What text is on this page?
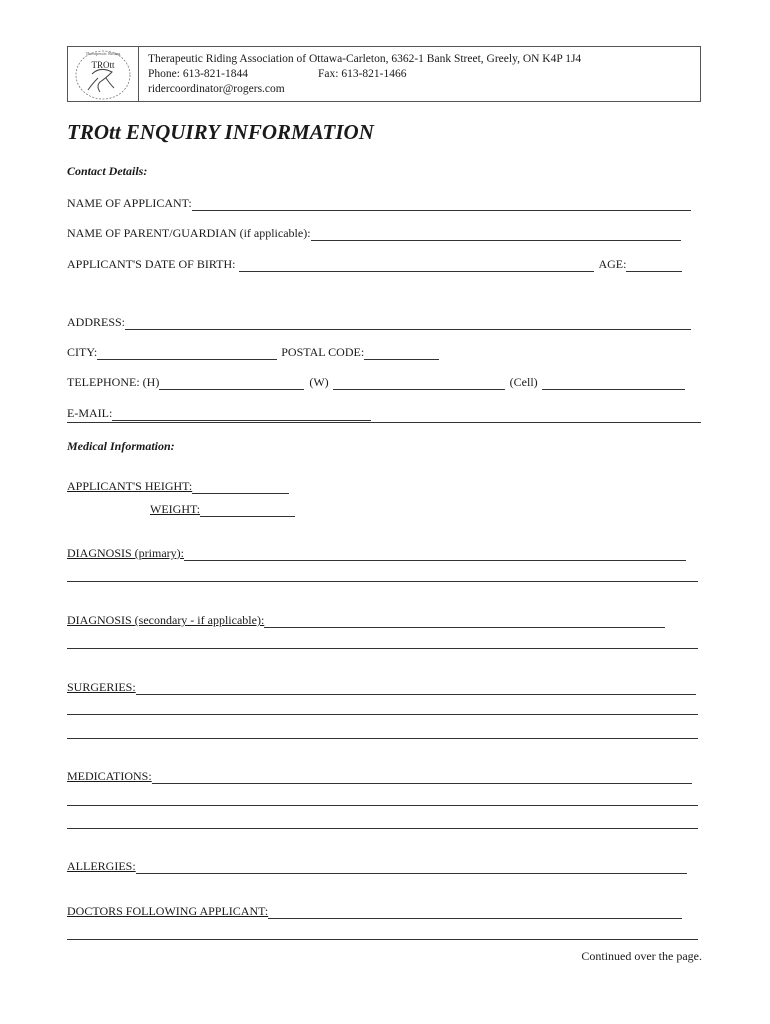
TROtt
Therapeutic Riding Therapeutic Riding Association of Ottawa-Carleton, 6362-1 Bank Street, Greely, ON K4P 1J4
Phone: 613-821-1844	Fax: 613-821-1466
ridercoordinator@rogers.com
TROtt ENQUIRY INFORMATION
Contact Details:
NAME OF APPLICANT:
NAME OF PARENT/GUARDIAN (if applicable):
APPLICANT'S DATE OF BIRTH:	AGE:
ADDRESS:
CITY:	POSTAL CODE:
TELEPHONE: (H)	(W)	(Cell)
E-MAIL:
Medical Information:
APPLICANT'S HEIGHT:
WEIGHT:
DIAGNOSIS (primary):
DIAGNOSIS (secondary - if applicable):
SURGERIES:
MEDICATIONS:
ALLERGIES:
DOCTORS FOLLOWING APPLICANT:
Continued over the page.
